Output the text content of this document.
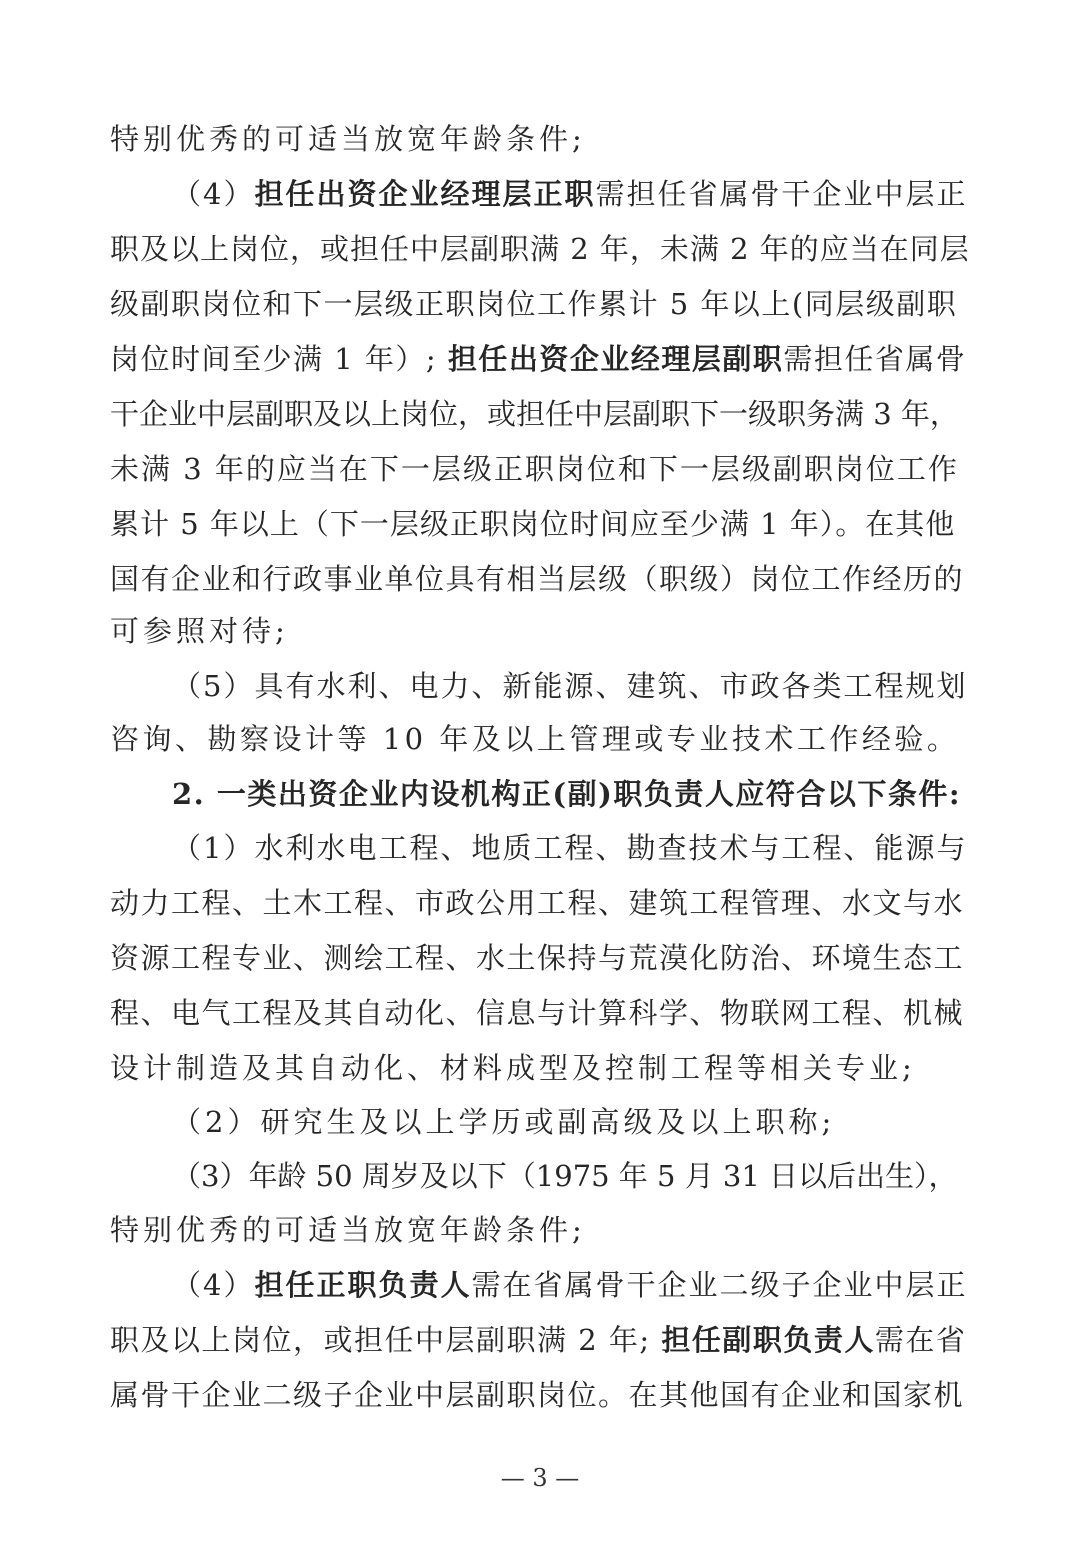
特别优秀的可适当放宽年龄条件;
（4）担任出资企业经理层正职需担任省属骨干企业中层正
职及以上岗位，或担任中层副职满 2 年，未满 2 年的应当在同层
级副职岗位和下一层级正职岗位工作累计 5 年以上(同层级副职
岗位时间至少满 1 年）; 担任出资企业经理层副职需担任省属骨
干企业中层副职及以上岗位，或担任中层副职下一级职务满 3 年，
未满 3 年的应当在下一层级正职岗位和下一层级副职岗位工作
累计 5 年以上（下一层级正职岗位时间应至少满 1 年）。在其他
国有企业和行政事业单位具有相当层级（职级）岗位工作经历的
可参照对待;
（5）具有水利、电力、新能源、建筑、市政各类工程规划
咨询、勘察设计等 10 年及以上管理或专业技术工作经验。
2. 一类出资企业内设机构正(副)职负责人应符合以下条件:
（1）水利水电工程、地质工程、勘查技术与工程、能源与
动力工程、土木工程、市政公用工程、建筑工程管理、水文与水
资源工程专业、测绘工程、水土保持与荒漠化防治、环境生态工
程、电气工程及其自动化、信息与计算科学、物联网工程、机械
设计制造及其自动化、材料成型及控制工程等相关专业;
（2）研究生及以上学历或副高级及以上职称;
（3）年龄 50 周岁及以下（1975 年 5 月 31 日以后出生），
特别优秀的可适当放宽年龄条件;
（4）担任正职负责人需在省属骨干企业二级子企业中层正
职及以上岗位，或担任中层副职满 2 年; 担任副职负责人需在省
属骨干企业二级子企业中层副职岗位。在其他国有企业和国家机
— 3 —
